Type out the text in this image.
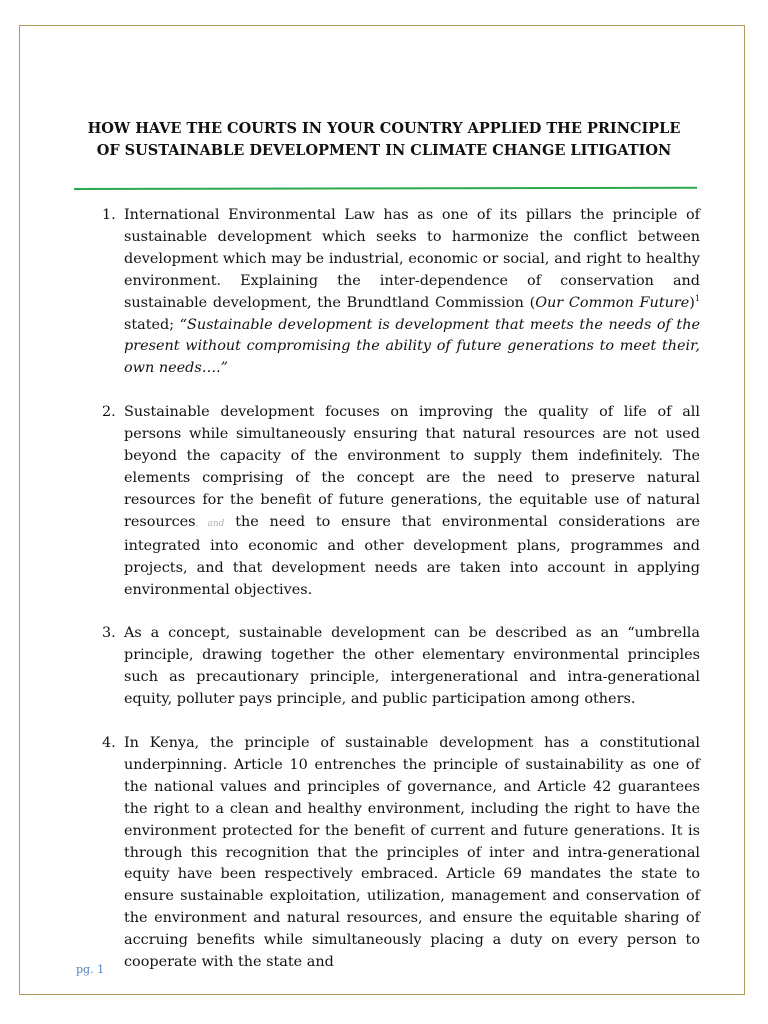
HOW HAVE THE COURTS IN YOUR COUNTRY APPLIED THE PRINCIPLE
OF SUSTAINABLE DEVELOPMENT IN CLIMATE CHANGE LITIGATION

1. International Environmental Law has as one of its pillars the principle of sustainable development which seeks to harmonize the conflict between development which may be industrial, economic or social, and right to healthy environment. Explaining the inter-dependence of conservation and sustainable development, the Brundtland Commission (Our Common Future)$^1$ stated; “Sustainable development is development that meets the needs of the present without compromising the ability of future generations to meet their, own needs….”

2. Sustainable development focuses on improving the quality of life of all persons while simultaneously ensuring that natural resources are not used beyond the capacity of the environment to supply them indefinitely. The elements comprising of the concept are the need to preserve natural resources for the benefit of future generations, the equitable use of natural resources, and the need to ensure that environmental considerations are integrated into economic and other development plans, programmes and projects, and that development needs are taken into account in applying environmental objectives.

3. As a concept, sustainable development can be described as an “umbrella principle, drawing together the other elementary environmental principles such as precautionary principle, intergenerational and intra-generational equity, polluter pays principle, and public participation among others.

4. In Kenya, the principle of sustainable development has a constitutional underpinning. Article 10 entrenches the principle of sustainability as one of the national values and principles of governance, and Article 42 guarantees the right to a clean and healthy environment, including the right to have the environment protected for the benefit of current and future generations. It is through this recognition that the principles of inter and intra-generational equity have been respectively embraced. Article 69 mandates the state to ensure sustainable exploitation, utilization, management and conservation of the environment and natural resources, and ensure the equitable sharing of accruing benefits while simultaneously placing a duty on every person to cooperate with the state and

pg. 1
